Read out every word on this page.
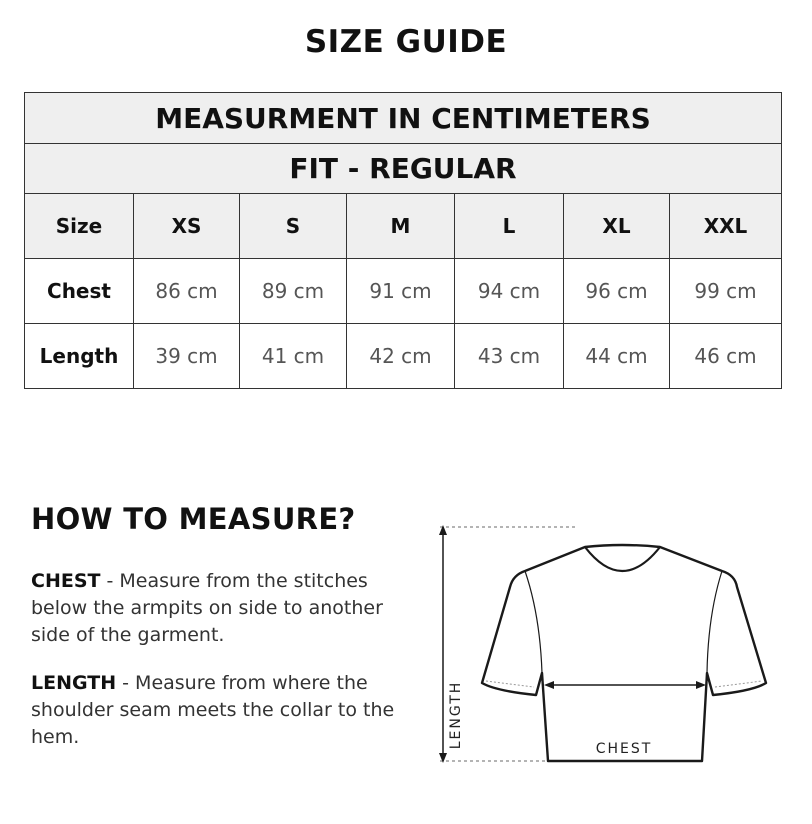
SIZE GUIDE
MEASURMENT IN CENTIMETERS						
FIT - REGULAR						
Size	XS	S	M	L	XL	XXL
Chest	86 cm	89 cm	91 cm	94 cm	96 cm	99 cm
Length	39 cm	41 cm	42 cm	43 cm	44 cm	46 cm
HOW TO MEASURE?
CHEST - Measure from the stitches below the armpits on side to another side of the garment.
LENGTH - Measure from where the shoulder seam meets the collar to the hem.	LENGTH	CHEST
